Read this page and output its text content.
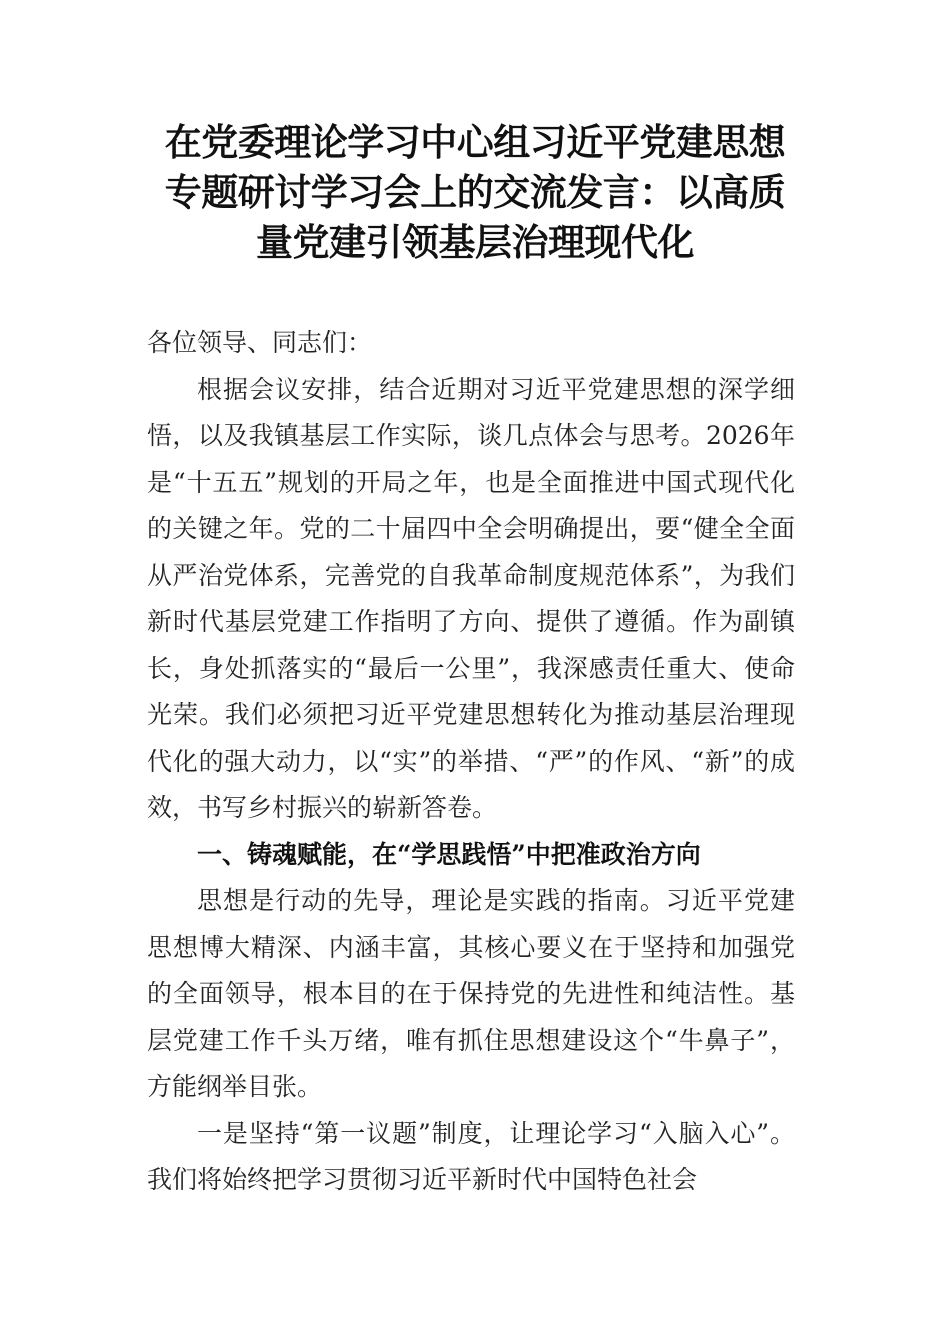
在党委理论学习中心组习近平党建思想专题研讨学习会上的交流发言：以高质量党建引领基层治理现代化

各位领导、同志们：

根据会议安排，结合近期对习近平党建思想的深学细悟，以及我镇基层工作实际，谈几点体会与思考。2026年是“十五五”规划的开局之年，也是全面推进中国式现代化的关键之年。党的二十届四中全会明确提出，要“健全全面从严治党体系，完善党的自我革命制度规范体系”，为我们新时代基层党建工作指明了方向、提供了遵循。作为副镇长，身处抓落实的“最后一公里”，我深感责任重大、使命光荣。我们必须把习近平党建思想转化为推动基层治理现代化的强大动力，以“实”的举措、“严”的作风、“新”的成效，书写乡村振兴的崭新答卷。

一、铸魂赋能，在“学思践悟”中把准政治方向

思想是行动的先导，理论是实践的指南。习近平党建思想博大精深、内涵丰富，其核心要义在于坚持和加强党的全面领导，根本目的在于保持党的先进性和纯洁性。基层党建工作千头万绪，唯有抓住思想建设这个“牛鼻子”，方能纲举目张。

一是坚持“第一议题”制度，让理论学习“入脑入心”。我们将始终把学习贯彻习近平新时代中国特色社会
